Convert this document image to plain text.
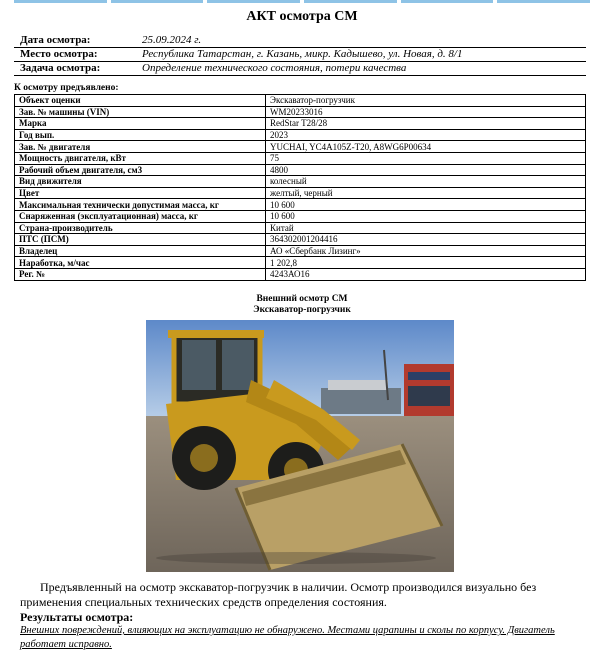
АКТ осмотра СМ
Дата осмотра:	25.09.2024 г.
Место осмотра:	Республика Татарстан, г. Казань, микр. Кадышево, ул. Новая, д. 8/1
Задача осмотра:	Определение технического состояния, потери качества
К осмотру предъявлено:
Объект оценки	Экскаватор-погрузчик
Зав. № машины (VIN)	WM20233016
Марка	RedStar T28/28
Год вып.	2023
Зав. № двигателя	YUCHAI, YC4A105Z-T20, A8WG6P00634
Мощность двигателя, кВт	75
Рабочий объем двигателя, см3	4800
Вид движителя	колесный
Цвет	желтый, черный
Максимальная технически допустимая масса, кг	10 600
Снаряженная (эксплуатационная) масса, кг	10 600
Страна-производитель	Китай
ПТС (ПСМ)	364302001204416
Владелец	АО «Сбербанк Лизинг»
Наработка, м/час	1 202,8
Рег. №	4243АО16
Внешний осмотр СМ
Экскаватор-погрузчик
Предъявленный на осмотр экскаватор-погрузчик в наличии. Осмотр производился визуально без применения специальных технических средств определения состояния.
Результаты осмотра:
Внешних повреждений, влияющих на эксплуатацию не обнаружено. Местами царапины и сколы по корпусу. Двигатель работает исправно.
